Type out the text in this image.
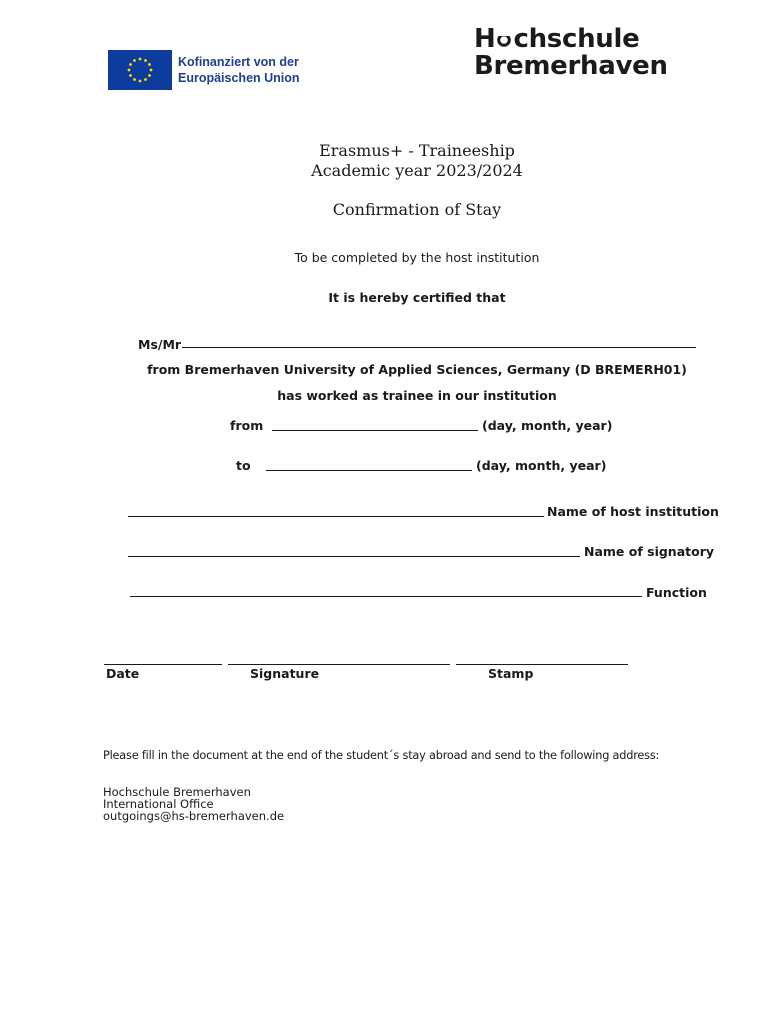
Kofinanziert von der
Europäischen Union
H chschule
Bremerhaven
Erasmus+ - Traineeship
Academic year 2023/2024
Confirmation of Stay
To be completed by the host institution
It is hereby certified that
Ms/Mr
from Bremerhaven University of Applied Sciences, Germany (D BREMERH01)
has worked as trainee in our institution
from	(day, month, year)
to	(day, month, year)
Name of host institution
Name of signatory
Function
Date	Signature	Stamp
Please fill in the document at the end of the student´s stay abroad and send to the following address:
Hochschule Bremerhaven
International Office
outgoings@hs-bremerhaven.de
